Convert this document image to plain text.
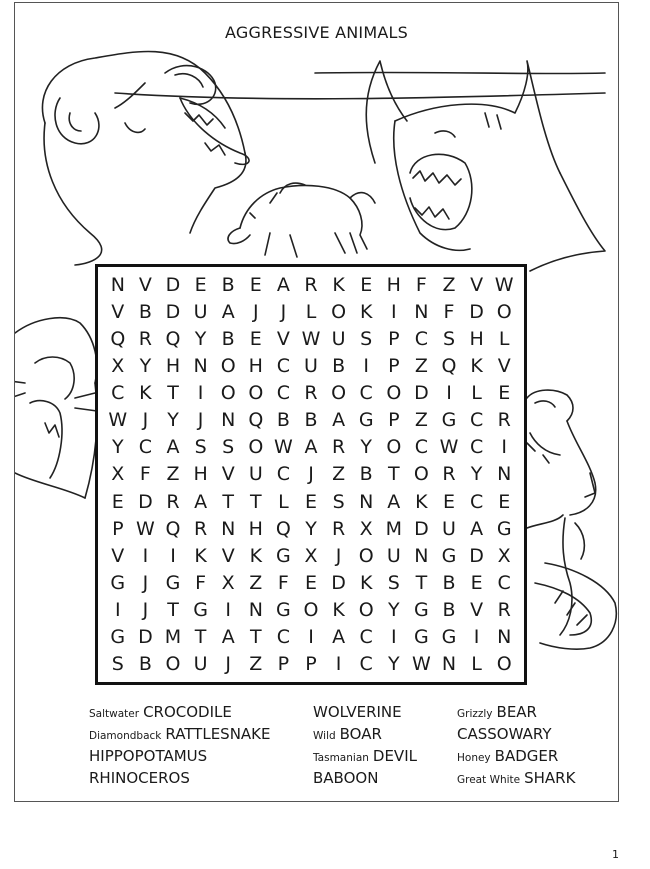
AGGRESSIVE ANIMALS
N V D E B E A R K E H F Z V W
V B D U A J	J	L O K I N F D O
Q R Q Y B E V W U S P C S H L
X Y H N O H C U B I	P Z Q K V
C K T I O O C R O C O D I	L E
W J	Y J N Q B B A G P Z G C R
Y C A S S O W A R Y O C W C I
X F Z H V U C J Z B T O R Y N
E D R A T T L E S N A K E C E
P W Q R N H Q Y R X M D U A G
V I	I K V K G X J O U N G D X
G J G F X Z F E D K S T B E C
I	J	T G I N G O K O Y G B V R
G D M T A T C I A C I G G I N
S B O U J Z P P	I C Y W N L O
Saltwater CROCODILE
Diamondback RATTLESNAKE
HIPPOPOTAMUS
RHINOCEROS
WOLVERINE
Wild BOAR
Tasmanian DEVIL
BABOON
Grizzly BEAR
CASSOWARY
Honey BADGER
Great White SHARK
1
